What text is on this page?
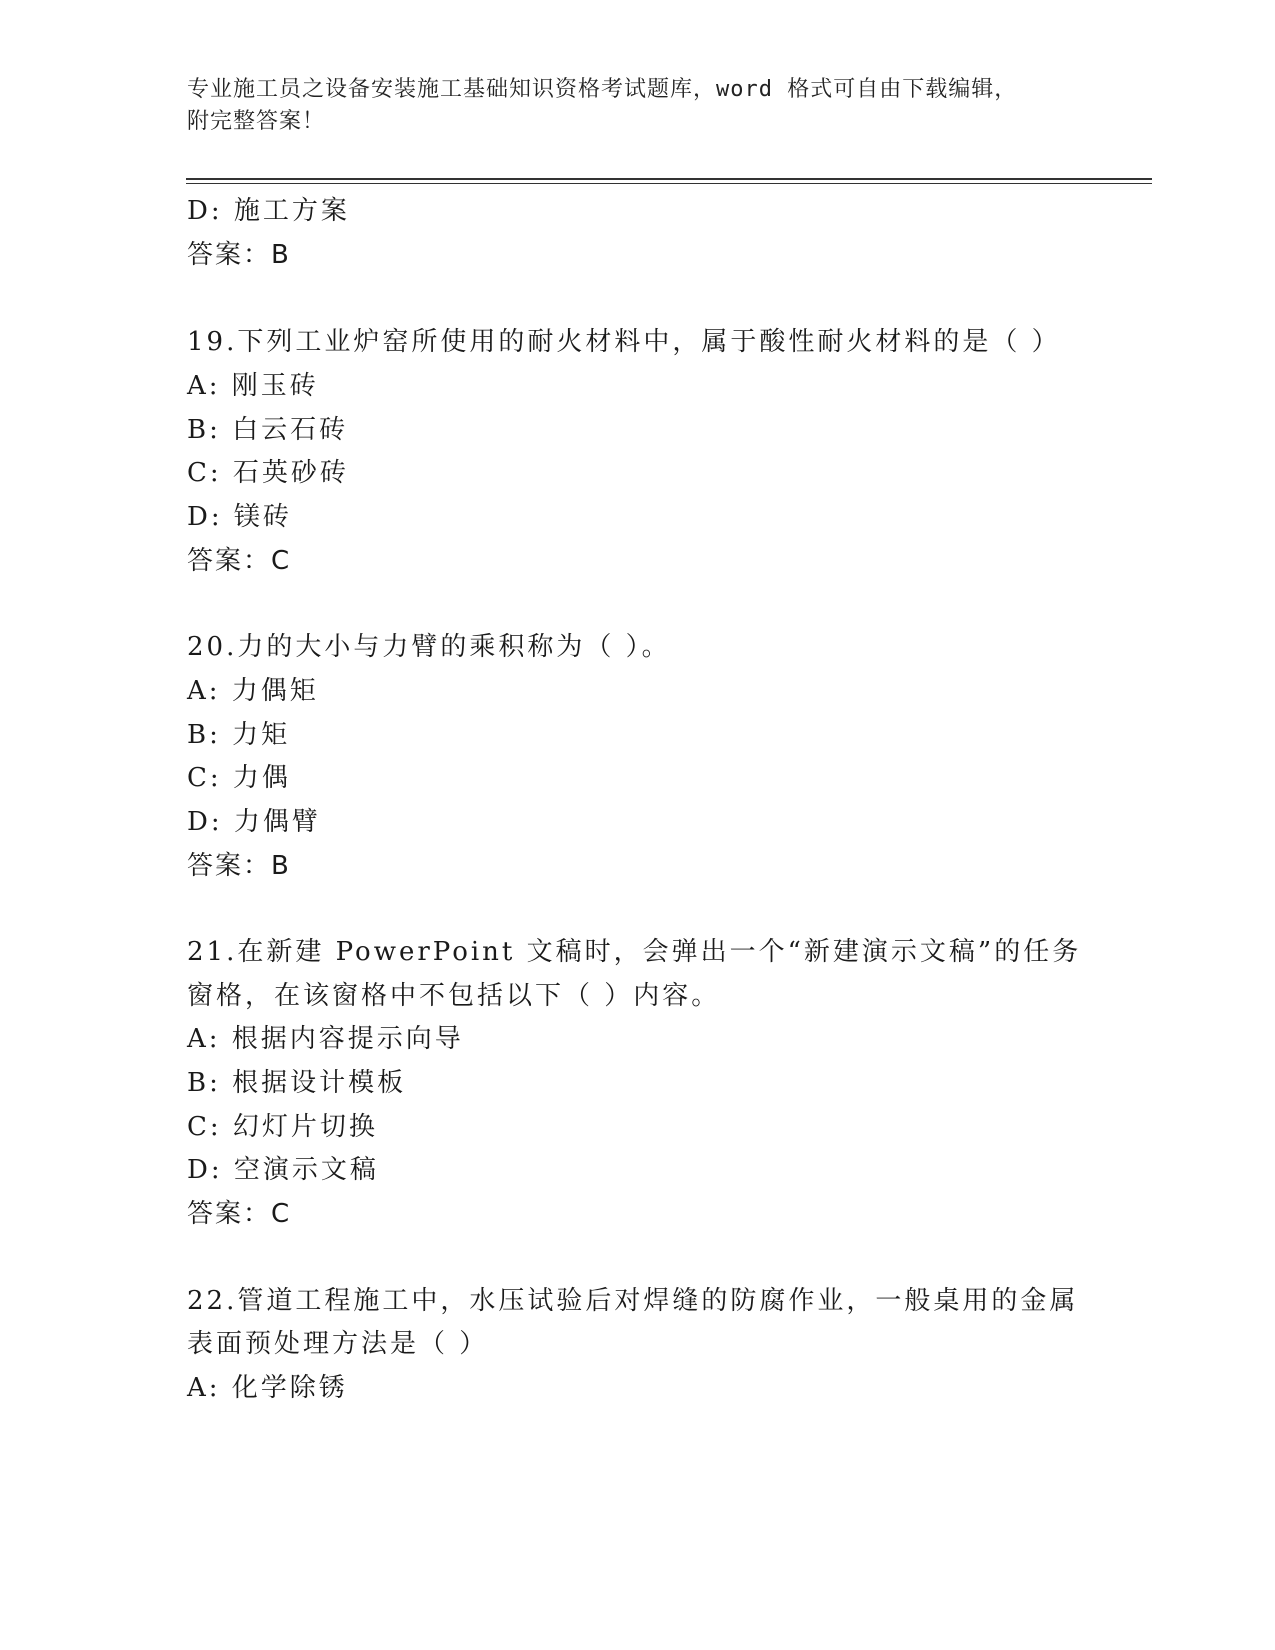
专业施工员之设备安装施工基础知识资格考试题库，word 格式可自由下载编辑，
附完整答案！
D: 施工方案
答案：B
19.下列工业炉窑所使用的耐火材料中，属于酸性耐火材料的是（ ）
A: 刚玉砖
B: 白云石砖
C: 石英砂砖
D: 镁砖
答案：C
20.力的大小与力臂的乘积称为（ ）。
A: 力偶矩
B: 力矩
C: 力偶
D: 力偶臂
答案：B
21.在新建 PowerPoint 文稿时，会弹出一个“新建演示文稿”的任务
窗格，在该窗格中不包括以下（ ）内容。
A: 根据内容提示向导
B: 根据设计模板
C: 幻灯片切换
D: 空演示文稿
答案：C
22.管道工程施工中，水压试验后对焊缝的防腐作业，一般桌用的金属
表面预处理方法是（ ）
A: 化学除锈
